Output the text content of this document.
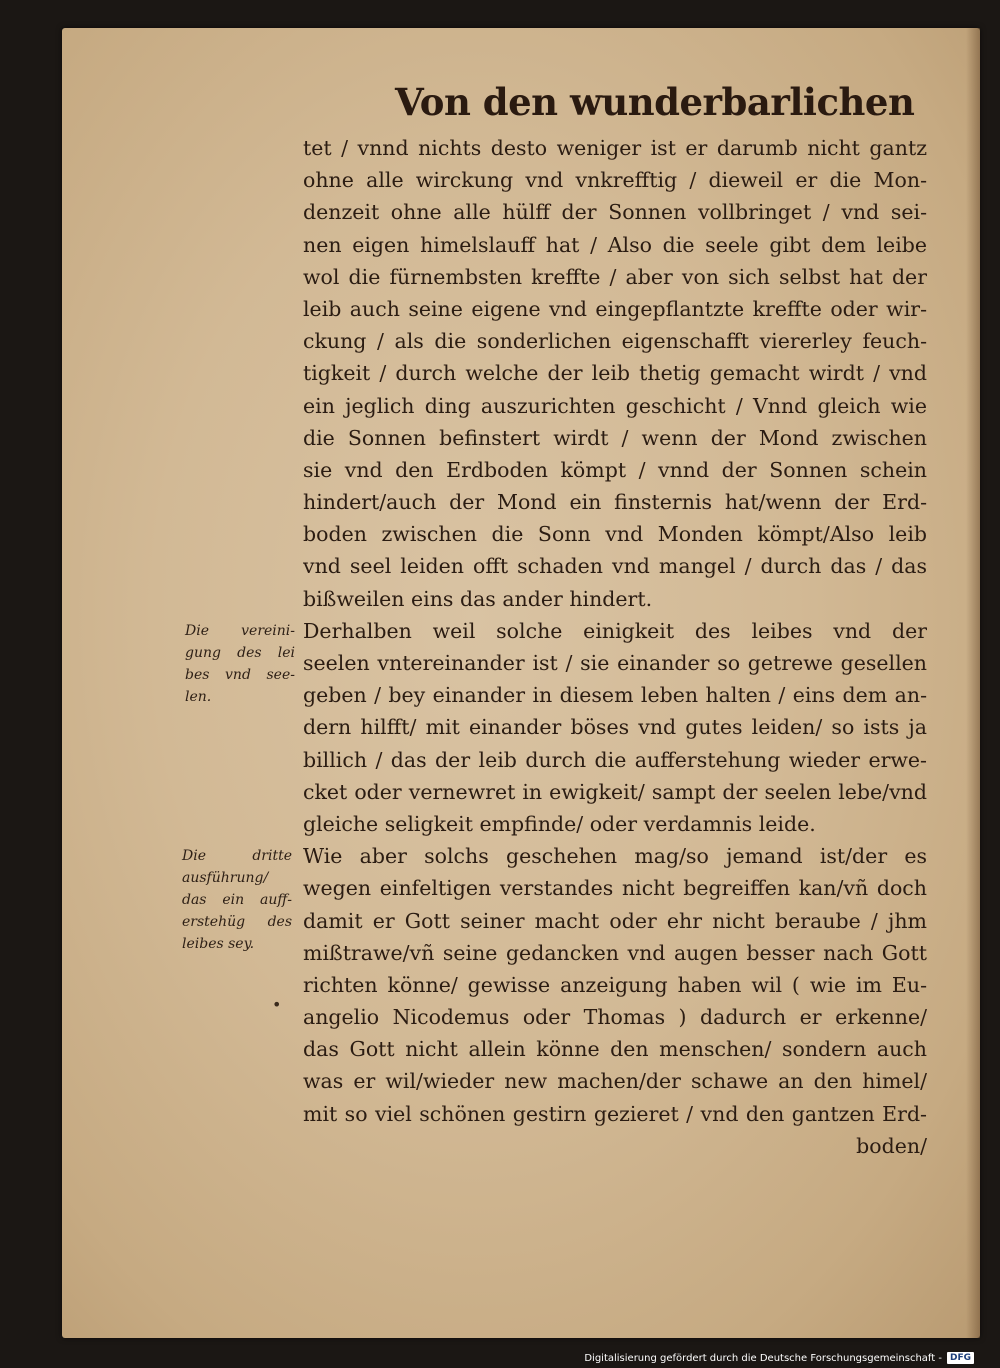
Von den wunderbarlichen
tet / vnnd nichts desto weniger ist er darumb nicht gantz
ohne alle wirckung vnd vnkrefftig / dieweil er die Mon-
denzeit ohne alle hülff der Sonnen vollbringet / vnd sei-
nen eigen himelslauff hat / Also die seele gibt dem leibe
wol die fürnembsten kreffte / aber von sich selbst hat der
leib auch seine eigene vnd eingepflantzte kreffte oder wir-
ckung / als die sonderlichen eigenschafft viererley feuch-
tigkeit / durch welche der leib thetig gemacht wirdt / vnd
ein jeglich ding auszurichten geschicht / Vnnd gleich wie
die Sonnen befinstert wirdt / wenn der Mond zwischen
sie vnd den Erdboden kömpt / vnnd der Sonnen schein
hindert/auch der Mond ein finsternis hat/wenn der Erd-
boden zwischen die Sonn vnd Monden kömpt/Also leib
vnd seel leiden offt schaden vnd mangel / durch das / das
bißweilen eins das ander hindert.
Derhalben weil solche einigkeit des leibes vnd der
seelen vntereinander ist / sie einander so getrewe gesellen
geben / bey einander in diesem leben halten / eins dem an-
dern hilfft/ mit einander böses vnd gutes leiden/ so ists ja
billich / das der leib durch die aufferstehung wieder erwe-
cket oder vernewret in ewigkeit/ sampt der seelen lebe/vnd
gleiche seligkeit empfinde/ oder verdamnis leide.
Wie aber solchs geschehen mag/so jemand ist/der es
wegen einfeltigen verstandes nicht begreiffen kan/vñ doch
damit er Gott seiner macht oder ehr nicht beraube / jhm
mißtrawe/vñ seine gedancken vnd augen besser nach Gott
richten könne/ gewisse anzeigung haben wil ( wie im Eu-
angelio Nicodemus oder Thomas ) dadurch er erkenne/
das Gott nicht allein könne den menschen/ sondern auch
was er wil/wieder new machen/der schawe an den himel/
mit so viel schönen gestirn gezieret / vnd den gantzen Erd-
boden/
Die vereini-
gung des lei
bes vnd see-
len.
Die dritte
ausführung/
das ein auff-
erstehüg des
leibes sey.
•
Digitalisierung gefördert durch die Deutsche Forschungsgemeinschaft - DFG
